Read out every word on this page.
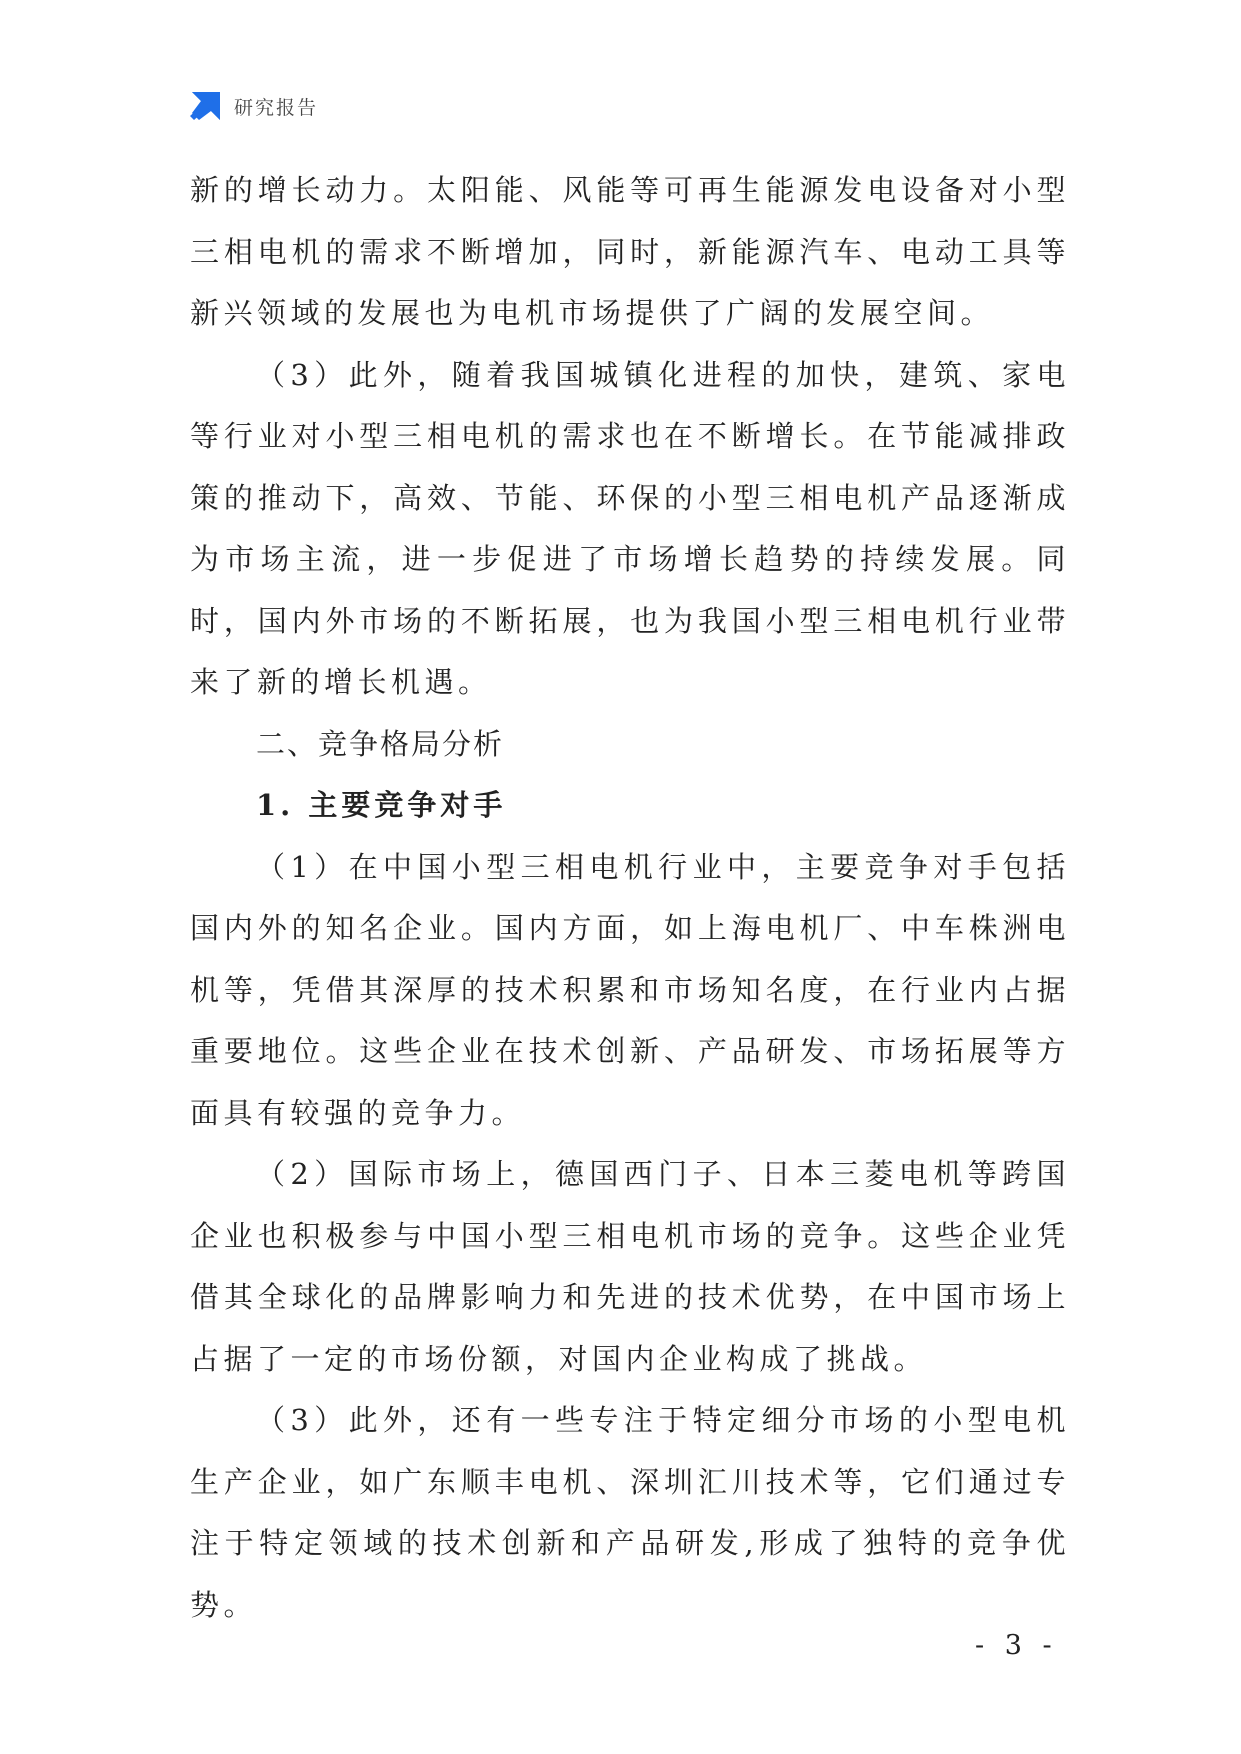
研究报告

新的增长动力。太阳能、风能等可再生能源发电设备对小型三相电机的需求不断增加，同时，新能源汽车、电动工具等新兴领域的发展也为电机市场提供了广阔的发展空间。

（3）此外，随着我国城镇化进程的加快，建筑、家电等行业对小型三相电机的需求也在不断增长。在节能减排政策的推动下，高效、节能、环保的小型三相电机产品逐渐成为市场主流，进一步促进了市场增长趋势的持续发展。同时，国内外市场的不断拓展，也为我国小型三相电机行业带来了新的增长机遇。

二、竞争格局分析
1. 主要竞争对手

（1）在中国小型三相电机行业中，主要竞争对手包括国内外的知名企业。国内方面，如上海电机厂、中车株洲电机等，凭借其深厚的技术积累和市场知名度，在行业内占据重要地位。这些企业在技术创新、产品研发、市场拓展等方面具有较强的竞争力。

（2）国际市场上，德国西门子、日本三菱电机等跨国企业也积极参与中国小型三相电机市场的竞争。这些企业凭借其全球化的品牌影响力和先进的技术优势，在中国市场上占据了一定的市场份额，对国内企业构成了挑战。

（3）此外，还有一些专注于特定细分市场的小型电机生产企业，如广东顺丰电机、深圳汇川技术等，它们通过专注于特定领域的技术创新和产品研发,形成了独特的竞争优势。

- 3 -
